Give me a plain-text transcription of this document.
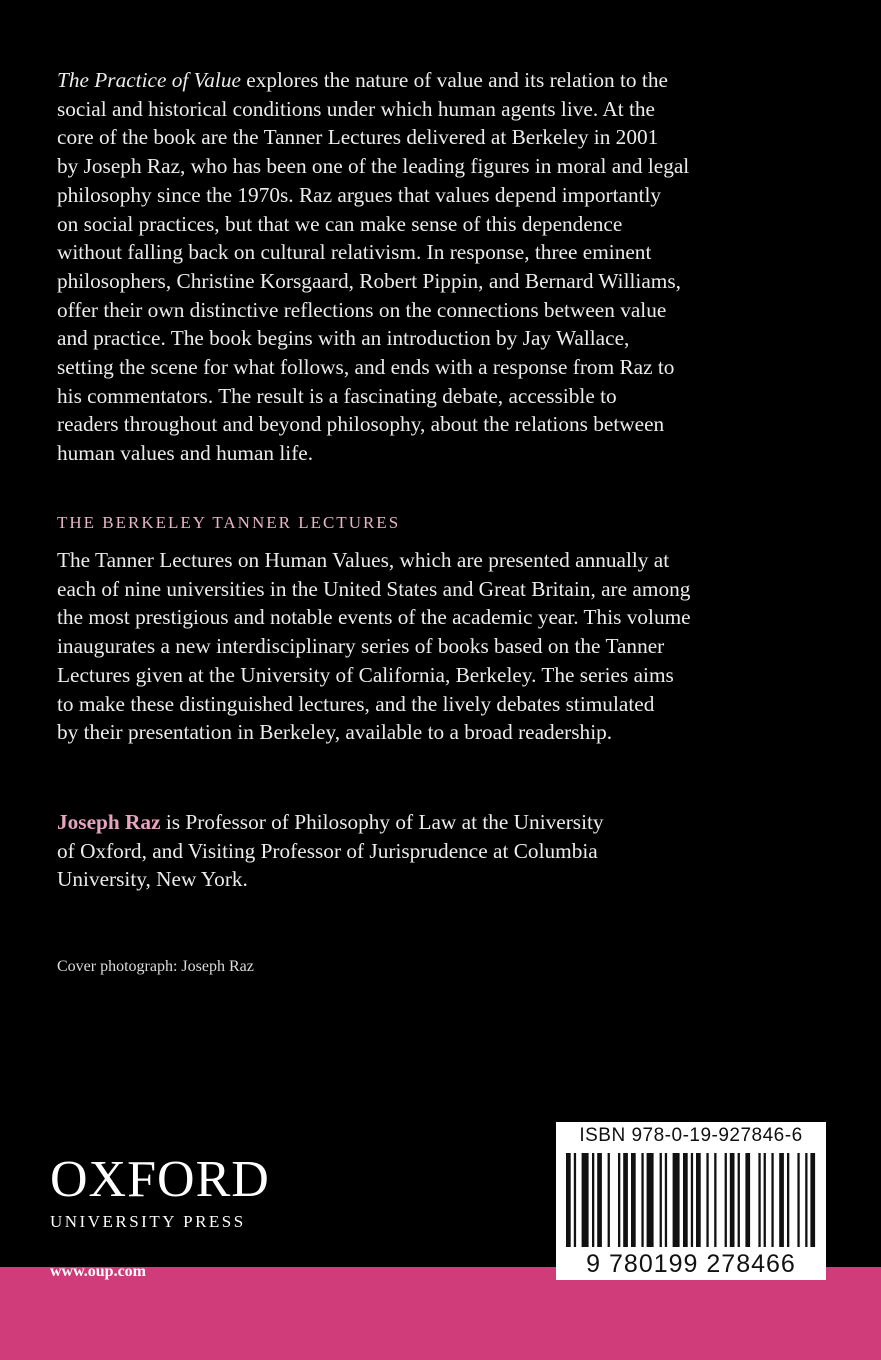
The Practice of Value explores the nature of value and its relation to the
social and historical conditions under which human agents live. At the
core of the book are the Tanner Lectures delivered at Berkeley in 2001
by Joseph Raz, who has been one of the leading figures in moral and legal
philosophy since the 1970s. Raz argues that values depend importantly
on social practices, but that we can make sense of this dependence
without falling back on cultural relativism. In response, three eminent
philosophers, Christine Korsgaard, Robert Pippin, and Bernard Williams,
offer their own distinctive reflections on the connections between value
and practice. The book begins with an introduction by Jay Wallace,
setting the scene for what follows, and ends with a response from Raz to
his commentators. The result is a fascinating debate, accessible to
readers throughout and beyond philosophy, about the relations between
human values and human life.

THE BERKELEY TANNER LECTURES

The Tanner Lectures on Human Values, which are presented annually at
each of nine universities in the United States and Great Britain, are among
the most prestigious and notable events of the academic year. This volume
inaugurates a new interdisciplinary series of books based on the Tanner
Lectures given at the University of California, Berkeley. The series aims
to make these distinguished lectures, and the lively debates stimulated
by their presentation in Berkeley, available to a broad readership.

Joseph Raz is Professor of Philosophy of Law at the University
of Oxford, and Visiting Professor of Jurisprudence at Columbia
University, New York.

Cover photograph: Joseph Raz

OXFORD
UNIVERSITY PRESS

www.oup.com

ISBN 978-0-19-927846-6
9 780199 278466
